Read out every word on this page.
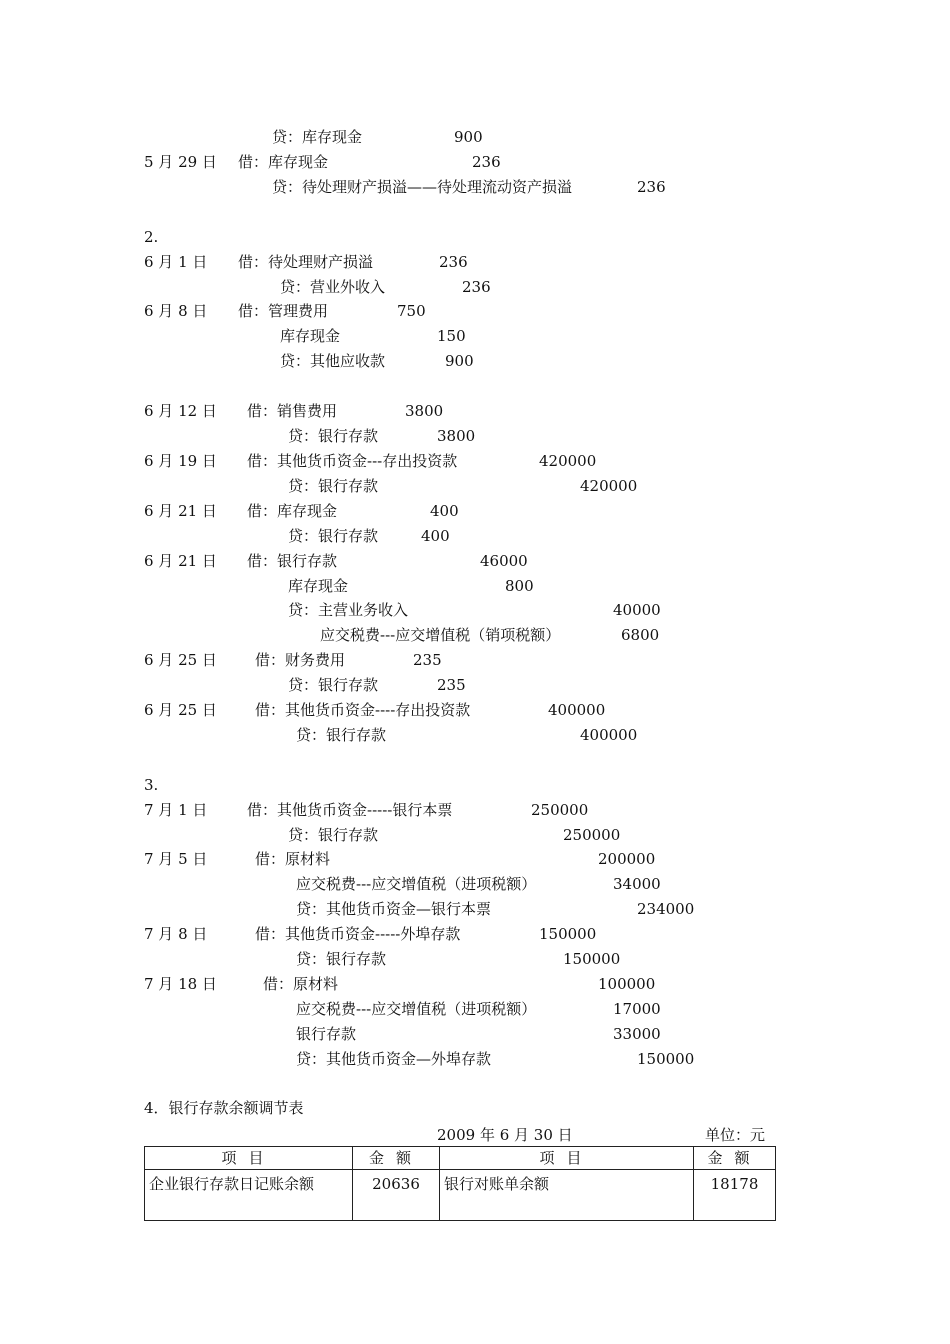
贷：库存现金	900
5 月 29 日 借：库存现金	236
贷：待处理财产损溢——待处理流动资产损溢	236
2.
6 月 1 日 借：待处理财产损溢	236
贷：营业外收入	236
6 月 8 日 借：管理费用	750
库存现金	150
贷：其他应收款	900
6 月 12 日 借：销售费用	3800
贷：银行存款	3800
6 月 19 日 借：其他货币资金---存出投资款	420000
贷：银行存款	420000
6 月 21 日 借：库存现金	400
贷：银行存款	400
6 月 21 日 借：银行存款	46000
库存现金	800
贷：主营业务收入	40000
应交税费---应交增值税（销项税额）	6800
6 月 25 日	借：财务费用	235
贷：银行存款	235
6 月 25 日	借：其他货币资金----存出投资款	400000
贷：银行存款	400000
3.
7 月 1 日	借：其他货币资金-----银行本票	250000
贷：银行存款	250000
7 月 5 日	借：原材料	200000
应交税费---应交增值税（进项税额）	34000
贷：其他货币资金—银行本票	234000
7 月 8 日	借：其他货币资金-----外埠存款	150000
贷：银行存款	150000
7 月 18 日	借：原材料	100000
应交税费---应交增值税（进项税额）	17000
银行存款	33000
贷：其他货币资金—外埠存款	150000
4．银行存款余额调节表
2009 年 6 月 30 日	单位：元
项目	金额	项目	金额
企业银行存款日记账余额	20636	银行对账单余额	18178
